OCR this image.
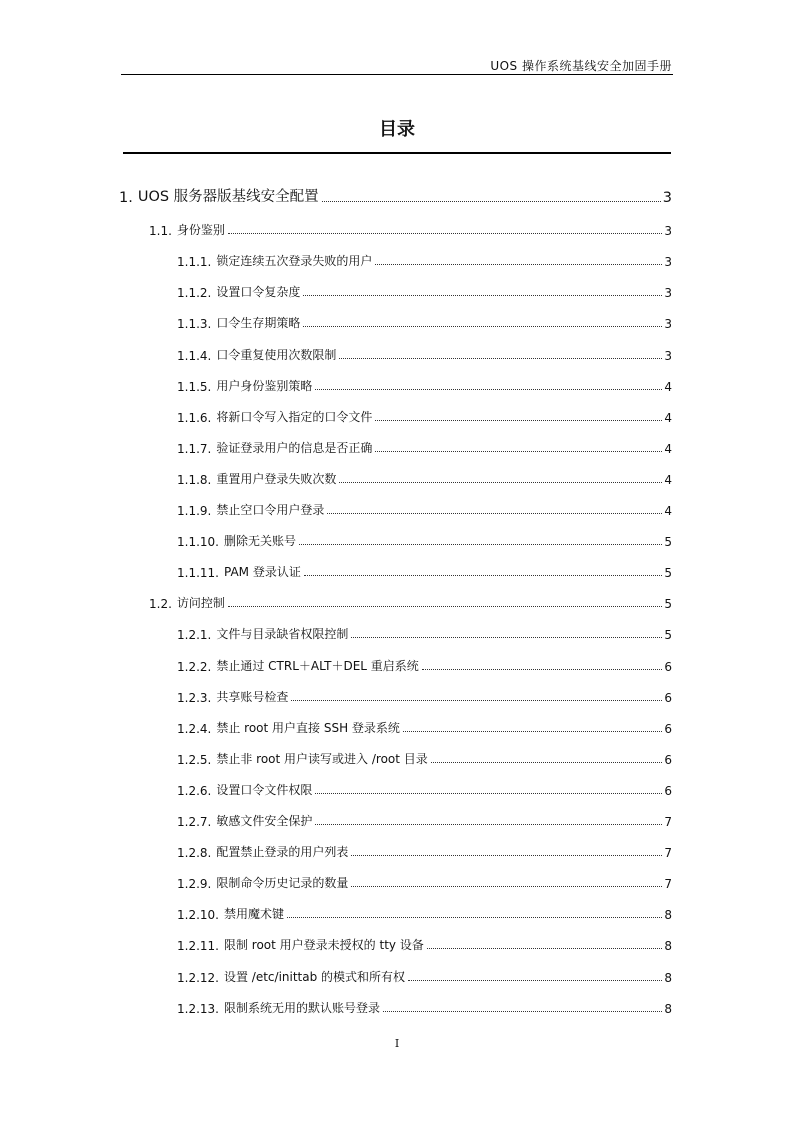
UOS 操作系统基线安全加固手册
目录
1. UOS 服务器版基线安全配置	3
1.1. 身份鉴别	3
1.1.1. 锁定连续五次登录失败的用户	3
1.1.2. 设置口令复杂度	3
1.1.3. 口令生存期策略	3
1.1.4. 口令重复使用次数限制	3
1.1.5. 用户身份鉴别策略	4
1.1.6. 将新口令写入指定的口令文件	4
1.1.7. 验证登录用户的信息是否正确	4
1.1.8. 重置用户登录失败次数	4
1.1.9. 禁止空口令用户登录	4
1.1.10. 删除无关账号	5
1.1.11. PAM 登录认证	5
1.2. 访问控制	5
1.2.1. 文件与目录缺省权限控制	5
1.2.2. 禁止通过 CTRL＋ALT＋DEL 重启系统	6
1.2.3. 共享账号检查	6
1.2.4. 禁止 root 用户直接 SSH 登录系统	6
1.2.5. 禁止非 root 用户读写或进入 /root 目录	6
1.2.6. 设置口令文件权限	6
1.2.7. 敏感文件安全保护	7
1.2.8. 配置禁止登录的用户列表	7
1.2.9. 限制命令历史记录的数量	7
1.2.10. 禁用魔术键	8
1.2.11. 限制 root 用户登录未授权的 tty 设备	8
1.2.12. 设置 /etc/inittab 的模式和所有权	8
1.2.13. 限制系统无用的默认账号登录	8
I
